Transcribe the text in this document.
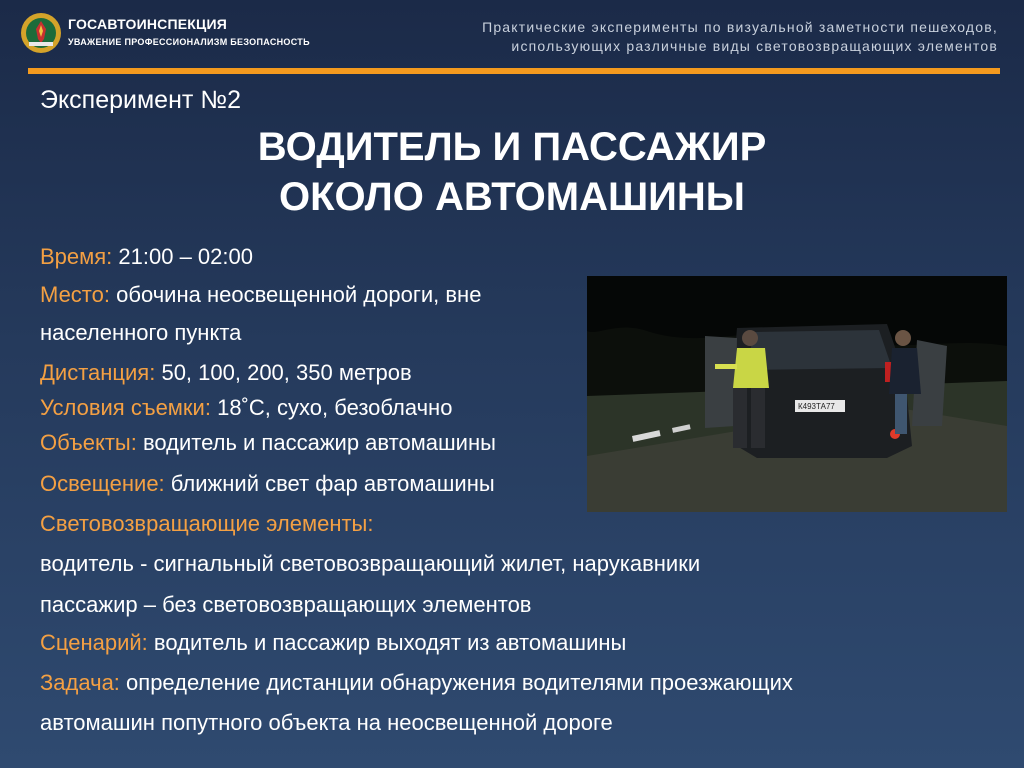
ГОСАВТОИНСПЕКЦИЯ
УВАЖЕНИЕ ПРОФЕССИОНАЛИЗМ БЕЗОПАСНОСТЬ
Практические эксперименты по визуальной заметности пешеходов,
использующих различные виды световозвращающих элементов
Эксперимент №2
ВОДИТЕЛЬ И ПАССАЖИР
ОКОЛО АВТОМАШИНЫ
Время: 21:00 – 02:00
Место: обочина неосвещенной дороги, вне
населенного пункта
Дистанция: 50, 100, 200, 350 метров
Условия съемки: 18˚С, сухо, безоблачно
Объекты: водитель и пассажир автомашины
Освещение: ближний свет фар автомашины
Световозвращающие элементы:
водитель - сигнальный световозвращающий жилет, нарукавники
пассажир – без световозвращающих элементов
Сценарий: водитель и пассажир выходят из автомашины
Задача: определение дистанции обнаружения водителями проезжающих
автомашин попутного объекта на неосвещенной дороге
К493ТА77
